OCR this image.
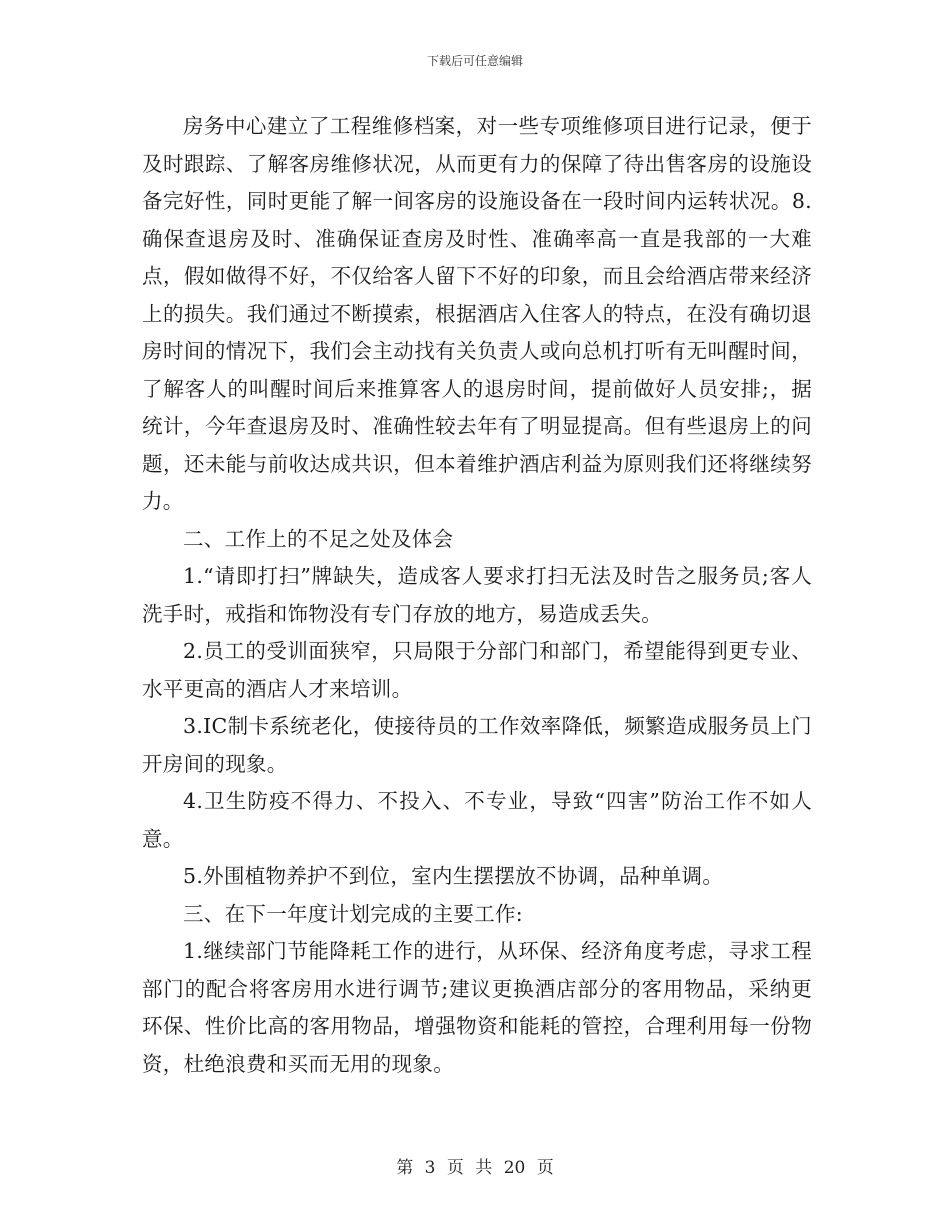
下载后可任意编辑

房务中心建立了工程维修档案，对一些专项维修项目进行记录，便于及时跟踪、了解客房维修状况，从而更有力的保障了待出售客房的设施设备完好性，同时更能了解一间客房的设施设备在一段时间内运转状况。8.确保查退房及时、准确保证查房及时性、准确率高一直是我部的一大难点，假如做得不好，不仅给客人留下不好的印象，而且会给酒店带来经济上的损失。我们通过不断摸索，根据酒店入住客人的特点，在没有确切退房时间的情况下，我们会主动找有关负责人或向总机打听有无叫醒时间，了解客人的叫醒时间后来推算客人的退房时间，提前做好人员安排;，据统计，今年查退房及时、准确性较去年有了明显提高。但有些退房上的问题，还未能与前收达成共识，但本着维护酒店利益为原则我们还将继续努力。

二、工作上的不足之处及体会

1.“请即打扫”牌缺失，造成客人要求打扫无法及时告之服务员;客人洗手时，戒指和饰物没有专门存放的地方，易造成丢失。

2.员工的受训面狭窄，只局限于分部门和部门，希望能得到更专业、水平更高的酒店人才来培训。

3.IC制卡系统老化，使接待员的工作效率降低，频繁造成服务员上门开房间的现象。

4.卫生防疫不得力、不投入、不专业，导致“四害”防治工作不如人意。

5.外围植物养护不到位，室内生摆摆放不协调，品种单调。

三、在下一年度计划完成的主要工作:

1.继续部门节能降耗工作的进行，从环保、经济角度考虑，寻求工程部门的配合将客房用水进行调节;建议更换酒店部分的客用物品，采纳更环保、性价比高的客用物品，增强物资和能耗的管控，合理利用每一份物资，杜绝浪费和买而无用的现象。

第 3 页 共 20 页
